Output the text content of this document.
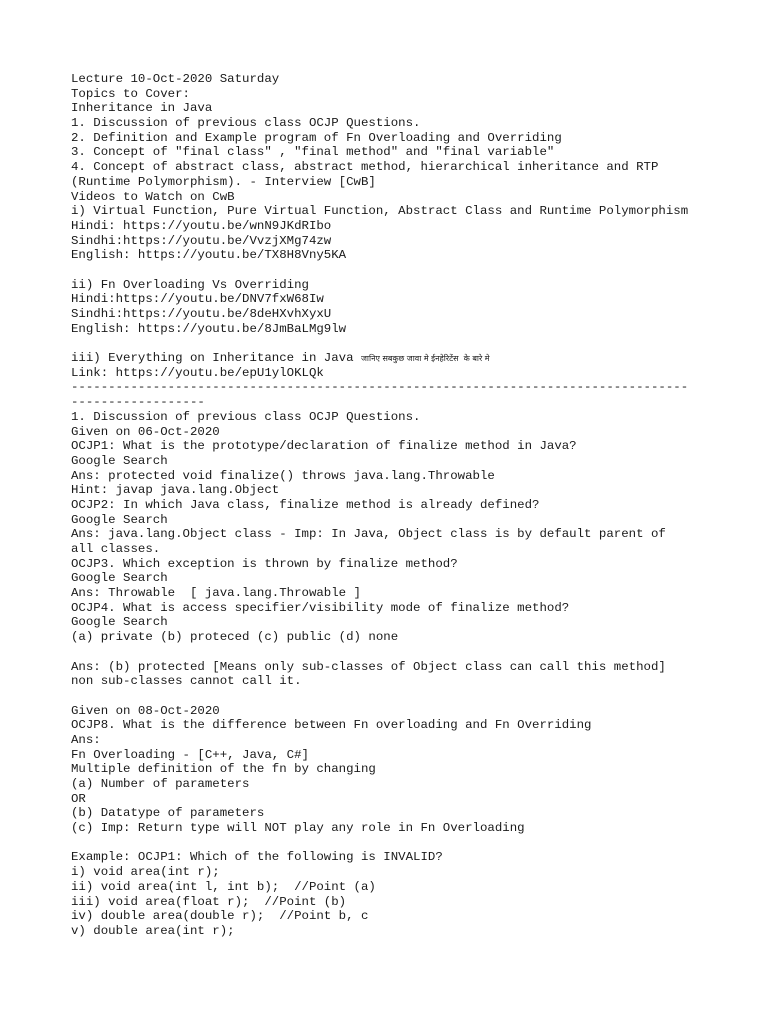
Lecture 10-Oct-2020 Saturday
Topics to Cover:
Inheritance in Java
1. Discussion of previous class OCJP Questions.
2. Definition and Example program of Fn Overloading and Overriding
3. Concept of "final class" , "final method" and "final variable"
4. Concept of abstract class, abstract method, hierarchical inheritance and RTP
(Runtime Polymorphism). - Interview [CwB]
Videos to Watch on CwB
i) Virtual Function, Pure Virtual Function, Abstract Class and Runtime Polymorphism
Hindi: https://youtu.be/wnN9JKdRIbo
Sindhi:https://youtu.be/VvzjXMg74zw
English: https://youtu.be/TX8H8Vny5KA
ii) Fn Overloading Vs Overriding
Hindi:https://youtu.be/DNV7fxW68Iw
Sindhi:https://youtu.be/8deHXvhXyxU
English: https://youtu.be/8JmBaLMg9lw
iii) Everything on Inheritance in Java जानिए सबकुछ जावा मे ईनहेरिटेंस  के बारे मे
Link: https://youtu.be/epU1ylOKLQk
-----------------------------------------------------------------------------------
------------------
1. Discussion of previous class OCJP Questions.
Given on 06-Oct-2020
OCJP1: What is the prototype/declaration of finalize method in Java?
Google Search
Ans: protected void finalize() throws java.lang.Throwable
Hint: javap java.lang.Object
OCJP2: In which Java class, finalize method is already defined?
Google Search
Ans: java.lang.Object class - Imp: In Java, Object class is by default parent of
all classes.
OCJP3. Which exception is thrown by finalize method?
Google Search
Ans: Throwable  [ java.lang.Throwable ]
OCJP4. What is access specifier/visibility mode of finalize method?
Google Search
(a) private (b) proteced (c) public (d) none
Ans: (b) protected [Means only sub-classes of Object class can call this method]
non sub-classes cannot call it.
Given on 08-Oct-2020
OCJP8. What is the difference between Fn overloading and Fn Overriding
Ans:
Fn Overloading - [C++, Java, C#]
Multiple definition of the fn by changing
(a) Number of parameters
OR
(b) Datatype of parameters
(c) Imp: Return type will NOT play any role in Fn Overloading
Example: OCJP1: Which of the following is INVALID?
i) void area(int r);
ii) void area(int l, int b);  //Point (a)
iii) void area(float r);  //Point (b)
iv) double area(double r);  //Point b, c
v) double area(int r);
